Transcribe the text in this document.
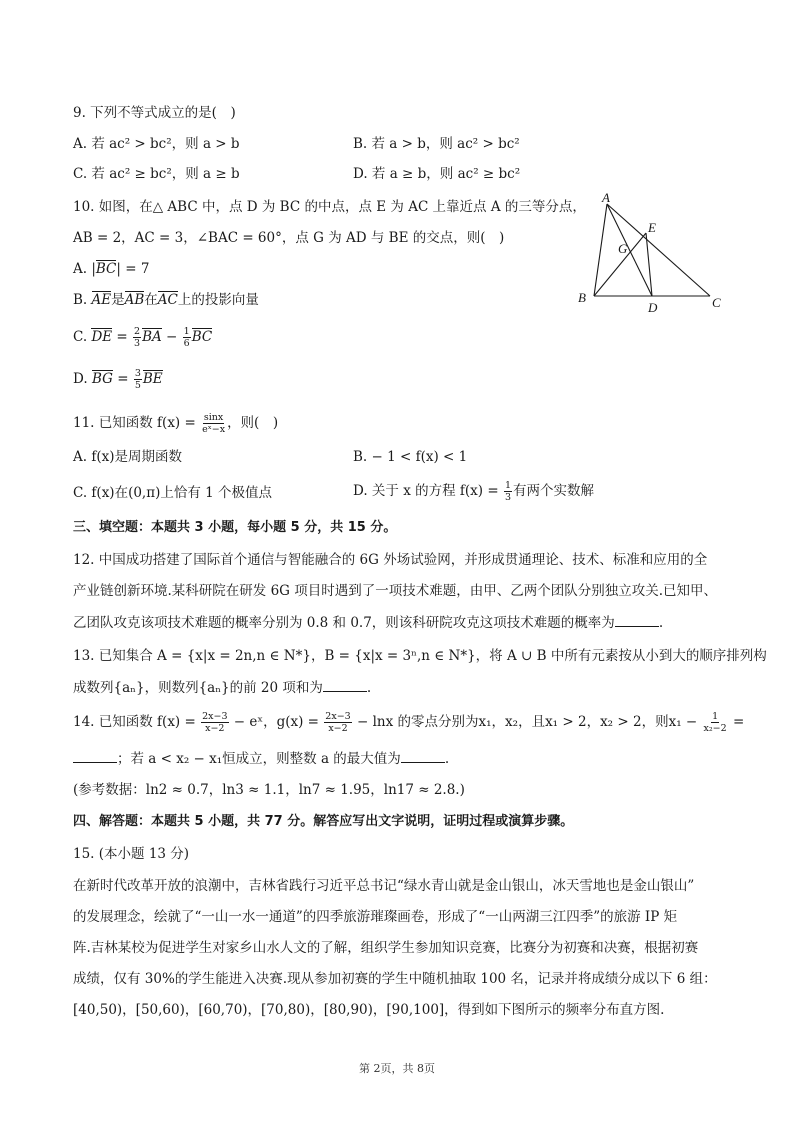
9. 下列不等式成立的是(　)
A. 若 ac² > bc²，则 a > b	B. 若 a > b，则 ac² > bc²
C. 若 ac² ≥ bc²，则 a ≥ b	D. 若 a ≥ b，则 ac² ≥ bc²
10. 如图，在△ ABC 中，点 D 为 BC 的中点，点 E 为 AC 上靠近点 A 的三等分点，
AB = 2，AC = 3，∠BAC = 60°，点 G 为 AD 与 BE 的交点，则(　)
A. |BC| = 7
B. AE是AB在AC上的投影向量
C. DE = $\frac{2}{3}$ BA − $\frac{1}{6}$ BC
D. BG = $\frac{3}{5}$ BE
A
B	C
D
E
G
11. 已知函数 $f(x) = \frac{\sin x}{\text{eˣ−x}}$ ，则(　)
A. f(x)是周期函数	B. − 1 < f(x) < 1
C. f(x)在(0,π)上恰有 1 个极值点	D. 关于 x 的方程 $f(x) = \frac{1}{3}$ 有两个实数解
三、填空题：本题共 3 小题，每小题 5 分，共 15 分。
12. 中国成功搭建了国际首个通信与智能融合的 6G 外场试验网，并形成贯通理论、技术、标准和应用的全
产业链创新环境.某科研院在研发 6G 项目时遇到了一项技术难题，由甲、乙两个团队分别独立攻关.已知甲、
乙团队攻克该项技术难题的概率分别为 0.8 和 0.7，则该科研院攻克这项技术难题的概率为	.
13. 已知集合 A = {x|x = 2n,n ∈ N*}，B = {x|x = 3ⁿ,n ∈ N*}，将 A ∪ B 中所有元素按从小到大的顺序排列构
成数列{aₙ}，则数列{aₙ}的前 20 项和为	.
14. 已知函数 $f(x) = \frac{2x-3}{x-2}$ − eˣ，$g(x) = \frac{2x-3}{x-2} - \ln x$ 的零点分别为x₁，x₂，且x₁ > 2，x₂ > 2，则$x_1 - \frac{1}{\text{x₂−2}}$ =
；若 a < x₂ − x₁恒成立，则整数 a 的最大值为	.
(参考数据：ln2 ≈ 0.7，ln3 ≈ 1.1，ln7 ≈ 1.95，ln17 ≈ 2.8.)
四、解答题：本题共 5 小题，共 77 分。解答应写出文字说明，证明过程或演算步骤。
15. (本小题 13 分)
在新时代改革开放的浪潮中，吉林省践行习近平总书记“绿水青山就是金山银山，冰天雪地也是金山银山”
的发展理念，绘就了“一山一水一通道”的四季旅游璀璨画卷，形成了“一山两湖三江四季”的旅游 IP 矩
阵.吉林某校为促进学生对家乡山水人文的了解，组织学生参加知识竞赛，比赛分为初赛和决赛，根据初赛
成绩，仅有 30%的学生能进入决赛.现从参加初赛的学生中随机抽取 100 名，记录并将成绩分成以下 6 组：
[40,50)，[50,60)，[60,70)，[70,80)，[80,90)，[90,100]，得到如下图所示的频率分布直方图.
第 2页，共 8页
